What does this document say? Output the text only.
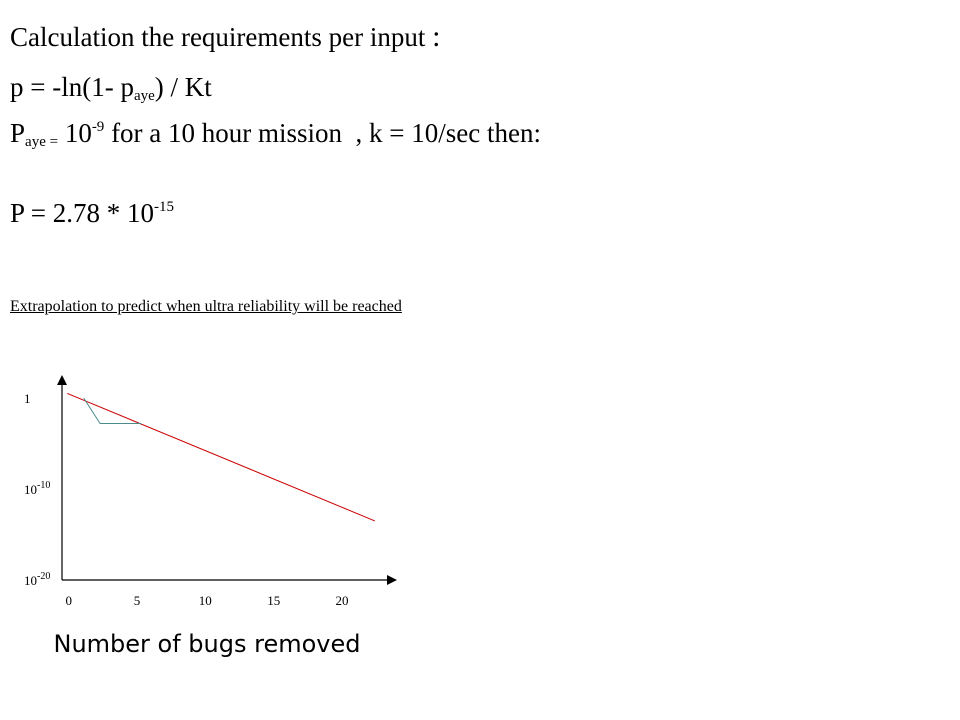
Calculation the requirements per input :
p = -ln(1- $p_{aye}$) / Kt
$P_{aye =}$ $10^{-9}$ for a 10 hour mission  , k = 10/sec then:
$P = 2.78 * 10^{-15}$
Extrapolation to predict when ultra reliability will be reached
0	5	10	15	20
1
$10^{-10}$
$10^{-20}$
Number of bugs removed
